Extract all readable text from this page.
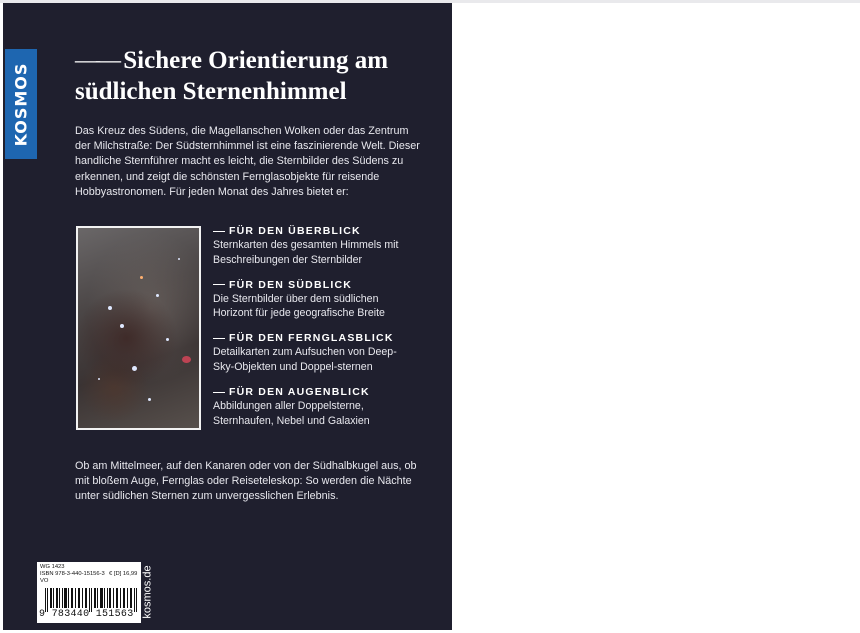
KOSMOS
—— Sichere Orientierung am
südlichen Sternenhimmel
Das Kreuz des Südens, die Magellanschen Wolken oder das Zentrum der Milchstraße: Der Südsternhimmel ist eine faszinierende Welt. Dieser handliche Sternführer macht es leicht, die Sternbilder des Südens zu erkennen, und zeigt die schönsten Fernglasobjekte für reisende Hobbyastronomen. Für jeden Monat des Jahres bietet er:
FÜR DEN ÜBERBLICK
Sternkarten des gesamten Himmels mit Beschreibungen der Sternbilder
FÜR DEN SÜDBLICK
Die Sternbilder über dem südlichen Horizont für jede geografische Breite
FÜR DEN FERNGLASBLICK
Detailkarten zum Aufsuchen von Deep-Sky-Objekten und Doppel-sternen
FÜR DEN AUGENBLICK
Abbildungen aller Doppelsterne, Sternhaufen, Nebel und Galaxien
Ob am Mittelmeer, auf den Kanaren oder von der Südhalbkugel aus, ob mit bloßem Auge, Fernglas oder Reiseteleskop: So werden die Nächte unter südlichen Sternen zum unvergesslichen Erlebnis.
WG 1423
ISBN 978-3-440-15156-3 € [D] 16,99
VO
9 783440 151563 kosmos.de
